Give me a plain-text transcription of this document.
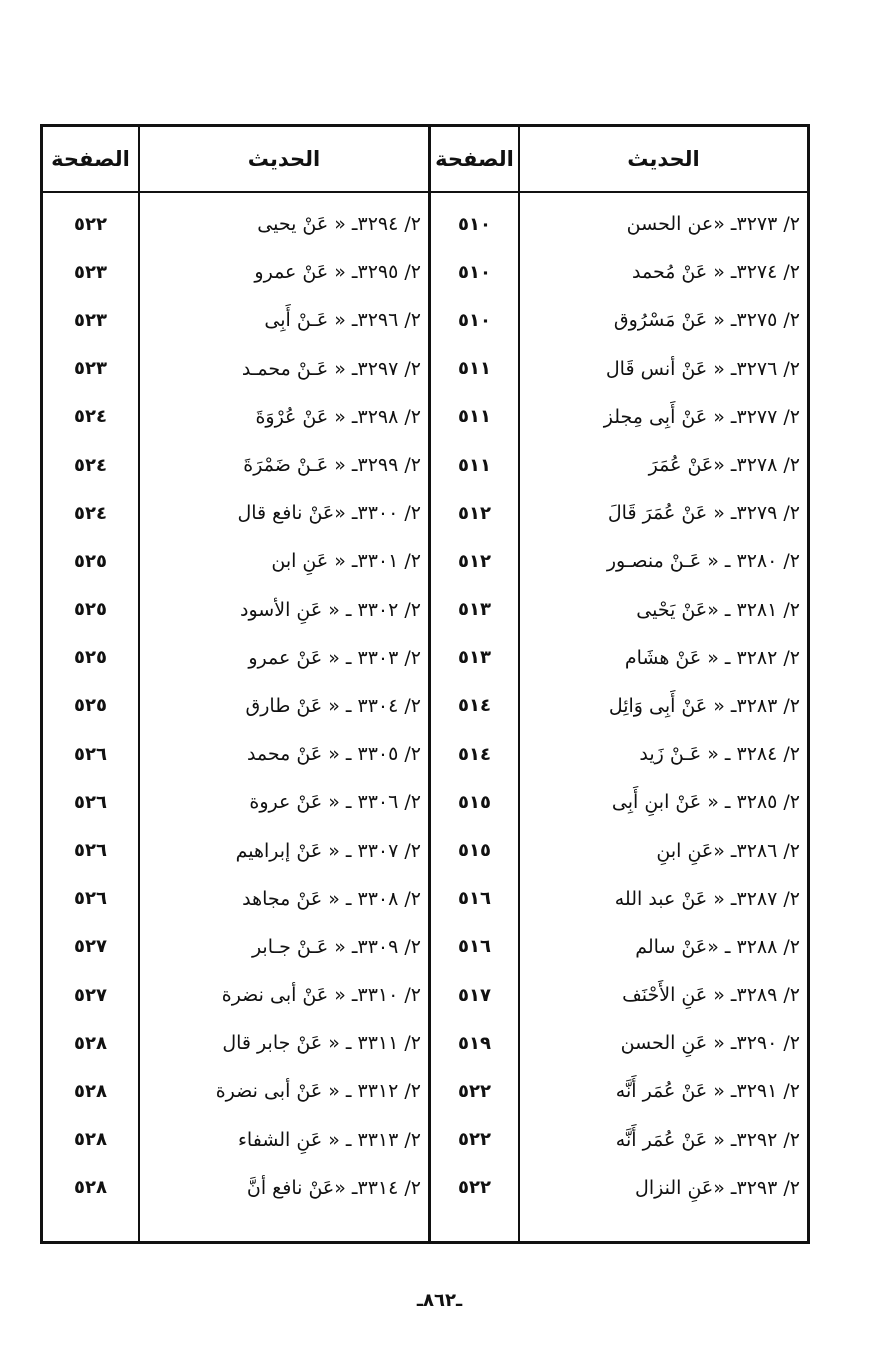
الحديث
الصفحة
الحديث
الصفحة
٢/ ٣٢٧٣ـ «عن الحسن
٥١٠
٢/ ٣٢٩٤ـ « عَنْ يحيى
٥٢٢
٢/ ٣٢٧٤ـ « عَنْ مُحمد
٥١٠
٢/ ٣٢٩٥ـ « عَنْ عمرو
٥٢٣
٢/ ٣٢٧٥ـ « عَنْ مَسْرُوق
٥١٠
٢/ ٣٢٩٦ـ « عَـنْ أَبِى
٥٢٣
٢/ ٣٢٧٦ـ « عَنْ أنس قَال
٥١١
٢/ ٣٢٩٧ـ « عَـنْ محمـد
٥٢٣
٢/ ٣٢٧٧ـ « عَنْ أَبِى مِجلز
٥١١
٢/ ٣٢٩٨ـ « عَنْ عُرْوَةَ
٥٢٤
٢/ ٣٢٧٨ـ «عَنْ عُمَرَ
٥١١
٢/ ٣٢٩٩ـ « عَـنْ ضَمْرَةَ
٥٢٤
٢/ ٣٢٧٩ـ « عَنْ عُمَرَ قَالَ
٥١٢
٢/ ٣٣٠٠ـ «عَنْ نافع قال
٥٢٤
٢/ ٣٢٨٠ ـ « عَـنْ منصـور
٥١٢
٢/ ٣٣٠١ـ « عَنِ ابن
٥٢٥
٢/ ٣٢٨١ ـ «عَنْ يَحْيى
٥١٣
٢/ ٣٣٠٢ ـ « عَنِ الأسود
٥٢٥
٢/ ٣٢٨٢ ـ « عَنْ هشَام
٥١٣
٢/ ٣٣٠٣ ـ « عَنْ عمرو
٥٢٥
٢/ ٣٢٨٣ـ « عَنْ أَبِى وَائِل
٥١٤
٢/ ٣٣٠٤ ـ « عَنْ طارق
٥٢٥
٢/ ٣٢٨٤ ـ « عَـنْ زَيد
٥١٤
٢/ ٣٣٠٥ ـ « عَنْ محمد
٥٢٦
٢/ ٣٢٨٥ ـ « عَنْ ابنِ أَبِى
٥١٥
٢/ ٣٣٠٦ ـ « عَنْ عروة
٥٢٦
٢/ ٣٢٨٦ـ «عَنِ ابنِ
٥١٥
٢/ ٣٣٠٧ ـ « عَنْ إبراهيم
٥٢٦
٢/ ٣٢٨٧ـ « عَنْ عبد الله
٥١٦
٢/ ٣٣٠٨ ـ « عَنْ مجاهد
٥٢٦
٢/ ٣٢٨٨ ـ «عَنْ سالم
٥١٦
٢/ ٣٣٠٩ـ « عَـنْ جـابر
٥٢٧
٢/ ٣٢٨٩ـ « عَنِ الأَحْنَف
٥١٧
٢/ ٣٣١٠ـ « عَنْ أبى نضرة
٥٢٧
٢/ ٣٢٩٠ـ « عَنِ الحسن
٥١٩
٢/ ٣٣١١ ـ « عَنْ جابر قال
٥٢٨
٢/ ٣٢٩١ـ « عَنْ عُمَر أَنَّه
٥٢٢
٢/ ٣٣١٢ ـ « عَنْ أبى نضرة
٥٢٨
٢/ ٣٢٩٢ـ « عَنْ عُمَر أَنَّه
٥٢٢
٢/ ٣٣١٣ ـ « عَنِ الشفاء
٥٢٨
٢/ ٣٢٩٣ـ «عَنِ النزال
٥٢٢
٢/ ٣٣١٤ـ «عَنْ نافع أنَّ
٥٢٨
ـ٨٦٢ـ
